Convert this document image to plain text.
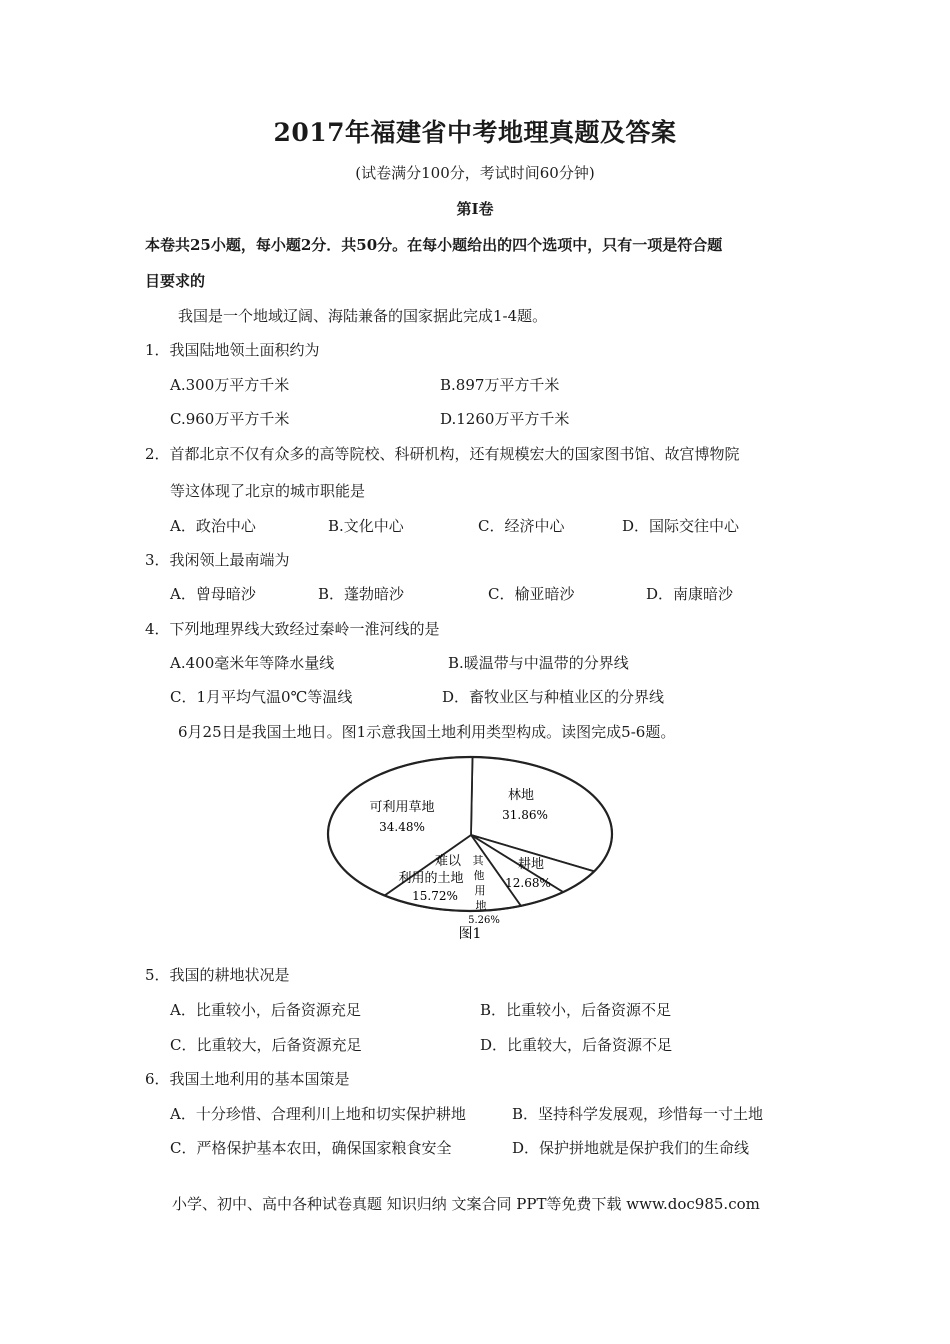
2017年福建省中考地理真题及答案
(试卷满分100分，考试时间60分钟)
第Ⅰ卷
本卷共25小题，每小题2分．共50分。在每小题给出的四个选项中，只有一项是符合题
目要求的
我国是一个地域辽阔、海陆兼备的国家据此完成1-4题。
1．我国陆地领土面积约为
A.300万平方千米	B.897万平方千米
C.960万平方千米	D.1260万平方千米
2．首都北京不仅有众多的高等院校、科研机构，还有规模宏大的国家图书馆、故宫博物院
等这体现了北京的城市职能是
A．政治中心	B.文化中心	C．经济中心	D．国际交往中心
3．我闲领上最南端为
A．曾母暗沙	B．蓬勃暗沙	C．榆亚暗沙	D．南康暗沙
4．下列地理界线大致经过秦岭一淮河线的是
A.400毫米年等降水量线	B.暖温带与中温带的分界线
C．1月平均气温0℃等温线	D．畜牧业区与种植业区的分界线
6月25日是我国土地日。图1示意我国土地利用类型构成。读图完成5-6题。
可利用草地
34.48%
林地
31.86%
耕地
12.68%
难以
利用的土地
15.72%
其
他
用
地
5.26%
图1
5．我国的耕地状况是
A．比重较小，后备资源充足	B．比重较小，后备资源不足
C．比重较大，后备资源充足	D．比重较大，后备资源不足
6．我国土地利用的基本国策是
A．十分珍惜、合理利川上地和切实保护耕地	B．坚持科学发展观，珍惜每一寸土地
C．严格保护基本农田，确保国家粮食安全	D．保护拼地就是保护我们的生命线
小学、初中、高中各种试卷真题 知识归纳 文案合同 PPT等免费下载 www.doc985.com
